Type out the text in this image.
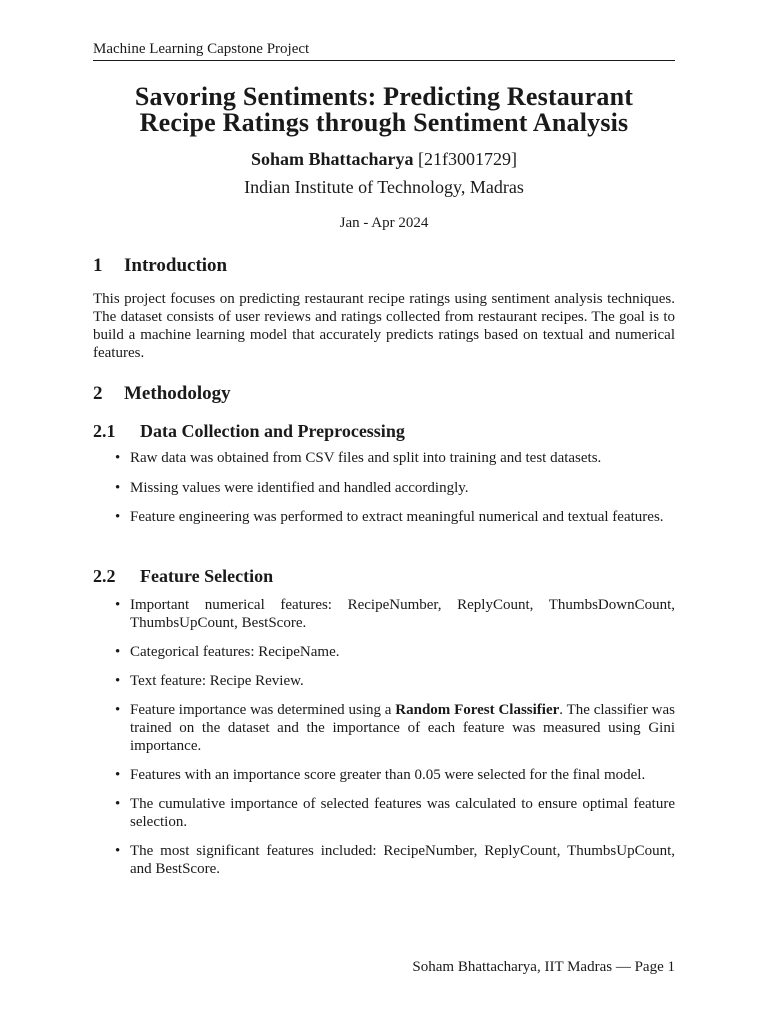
Machine Learning Capstone Project
Savoring Sentiments: Predicting Restaurant
Recipe Ratings through Sentiment Analysis
Soham Bhattacharya [21f3001729]
Indian Institute of Technology, Madras
Jan - Apr 2024
1 Introduction
This project focuses on predicting restaurant recipe ratings using sentiment analysis techniques. The dataset consists of user reviews and ratings collected from restaurant recipes. The goal is to build a machine learning model that accurately predicts ratings based on textual and numerical features.
2 Methodology
2.1 Data Collection and Preprocessing
• Raw data was obtained from CSV files and split into training and test datasets.
• Missing values were identified and handled accordingly.
• Feature engineering was performed to extract meaningful numerical and textual features.
2.2 Feature Selection
• Important numerical features: RecipeNumber, ReplyCount, ThumbsDownCount, ThumbsUpCount, BestScore.
• Categorical features: RecipeName.
• Text feature: Recipe Review.
• Feature importance was determined using a Random Forest Classifier. The classifier was trained on the dataset and the importance of each feature was measured using Gini importance.
• Features with an importance score greater than 0.05 were selected for the final model.
• The cumulative importance of selected features was calculated to ensure optimal feature selection.
• The most significant features included: RecipeNumber, ReplyCount, ThumbsUpCount, and BestScore.
Soham Bhattacharya, IIT Madras — Page 1
